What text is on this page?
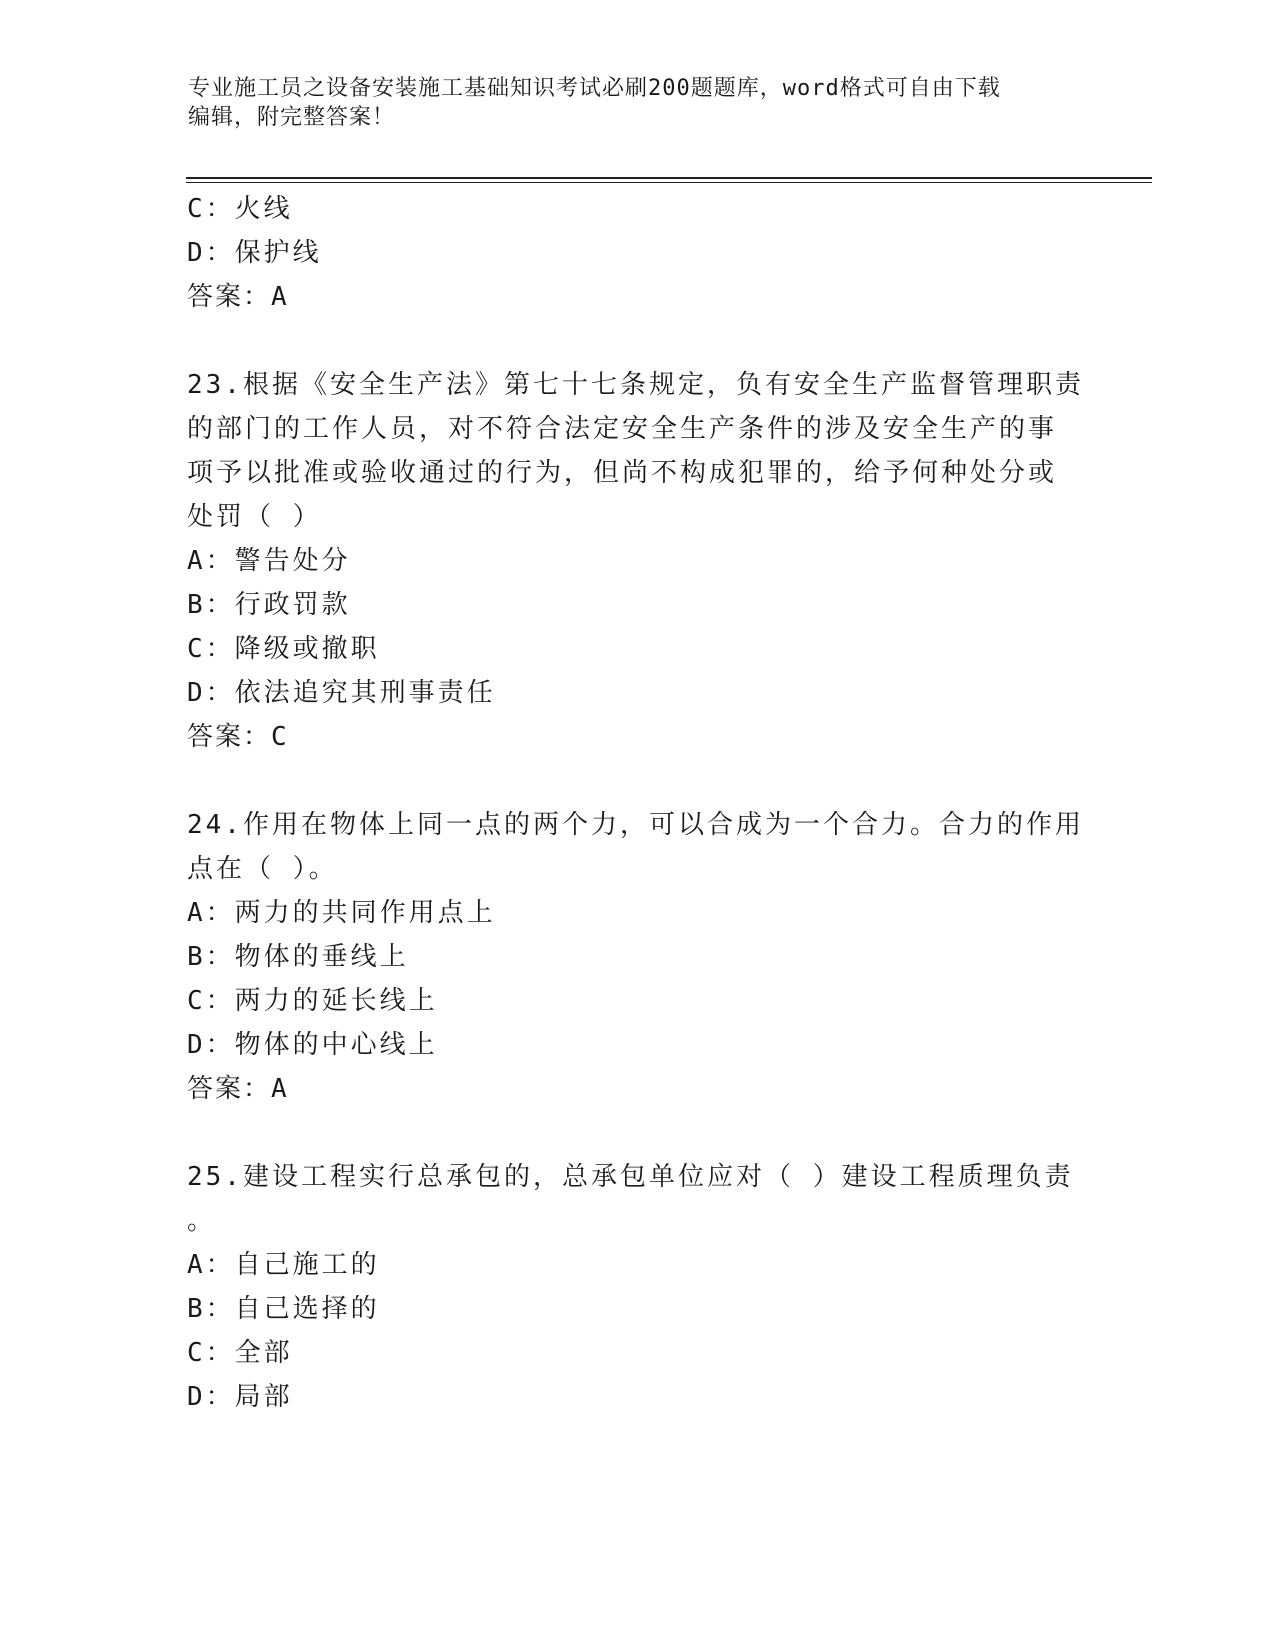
专业施工员之设备安装施工基础知识考试必刷200题题库，word格式可自由下载
编辑，附完整答案！
C：火线
D：保护线
答案：A
23.根据《安全生产法》第七十七条规定，负有安全生产监督管理职责
的部门的工作人员，对不符合法定安全生产条件的涉及安全生产的事
项予以批准或验收通过的行为，但尚不构成犯罪的，给予何种处分或
处罚（ ）
A：警告处分
B：行政罚款
C：降级或撤职
D：依法追究其刑事责任
答案：C
24.作用在物体上同一点的两个力，可以合成为一个合力。合力的作用
点在（ ）。
A：两力的共同作用点上
B：物体的垂线上
C：两力的延长线上
D：物体的中心线上
答案：A
25.建设工程实行总承包的，总承包单位应对（ ）建设工程质理负责
。
A：自己施工的
B：自己选择的
C：全部
D：局部
